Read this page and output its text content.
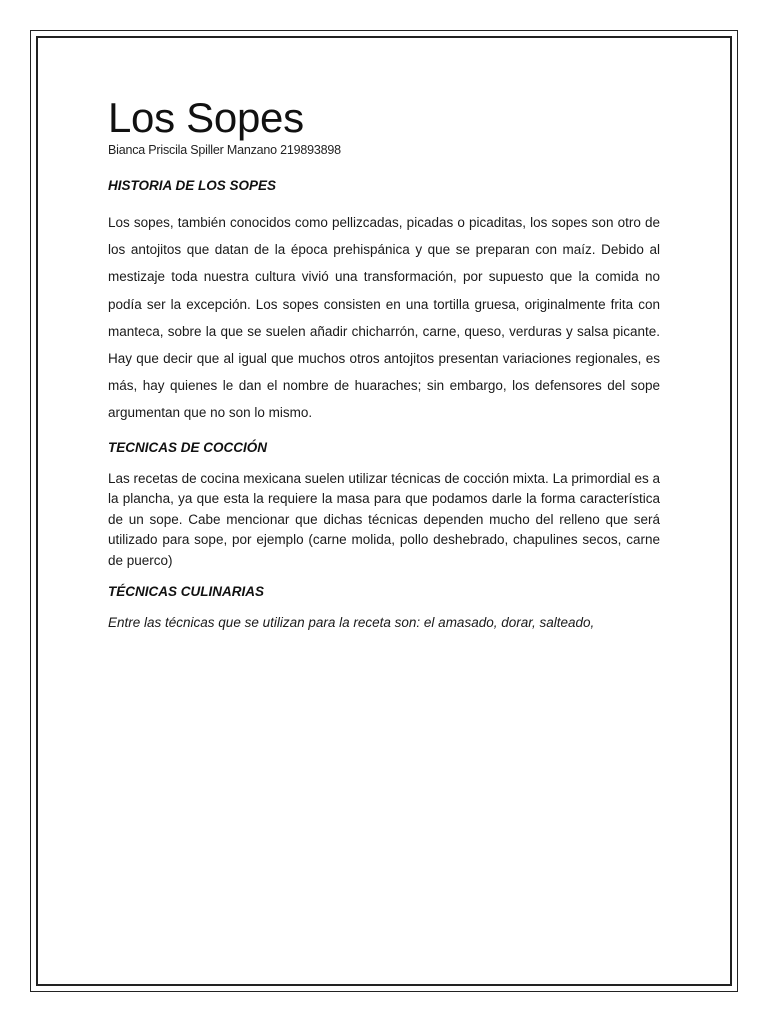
Los Sopes

Bianca Priscila Spiller Manzano 219893898

HISTORIA DE LOS SOPES

Los sopes, también conocidos como pellizcadas, picadas o picaditas, los sopes son otro de los antojitos que datan de la época prehispánica y que se preparan con maíz. Debido al mestizaje toda nuestra cultura vivió una transformación, por supuesto que la comida no podía ser la excepción. Los sopes consisten en una tortilla gruesa, originalmente frita con manteca, sobre la que se suelen añadir chicharrón, carne, queso, verduras y salsa picante. Hay que decir que al igual que muchos otros antojitos presentan variaciones regionales, es más, hay quienes le dan el nombre de huaraches; sin embargo, los defensores del sope argumentan que no son lo mismo.

TECNICAS DE COCCIÓN

Las recetas de cocina mexicana suelen utilizar técnicas de cocción mixta. La primordial es a la plancha, ya que esta la requiere la masa para que podamos darle la forma característica de un sope. Cabe mencionar que dichas técnicas dependen mucho del relleno que será utilizado para sope, por ejemplo (carne molida, pollo deshebrado, chapulines secos, carne de puerco)

TÉCNICAS CULINARIAS

Entre las técnicas que se utilizan para la receta son: el amasado, dorar, salteado,
